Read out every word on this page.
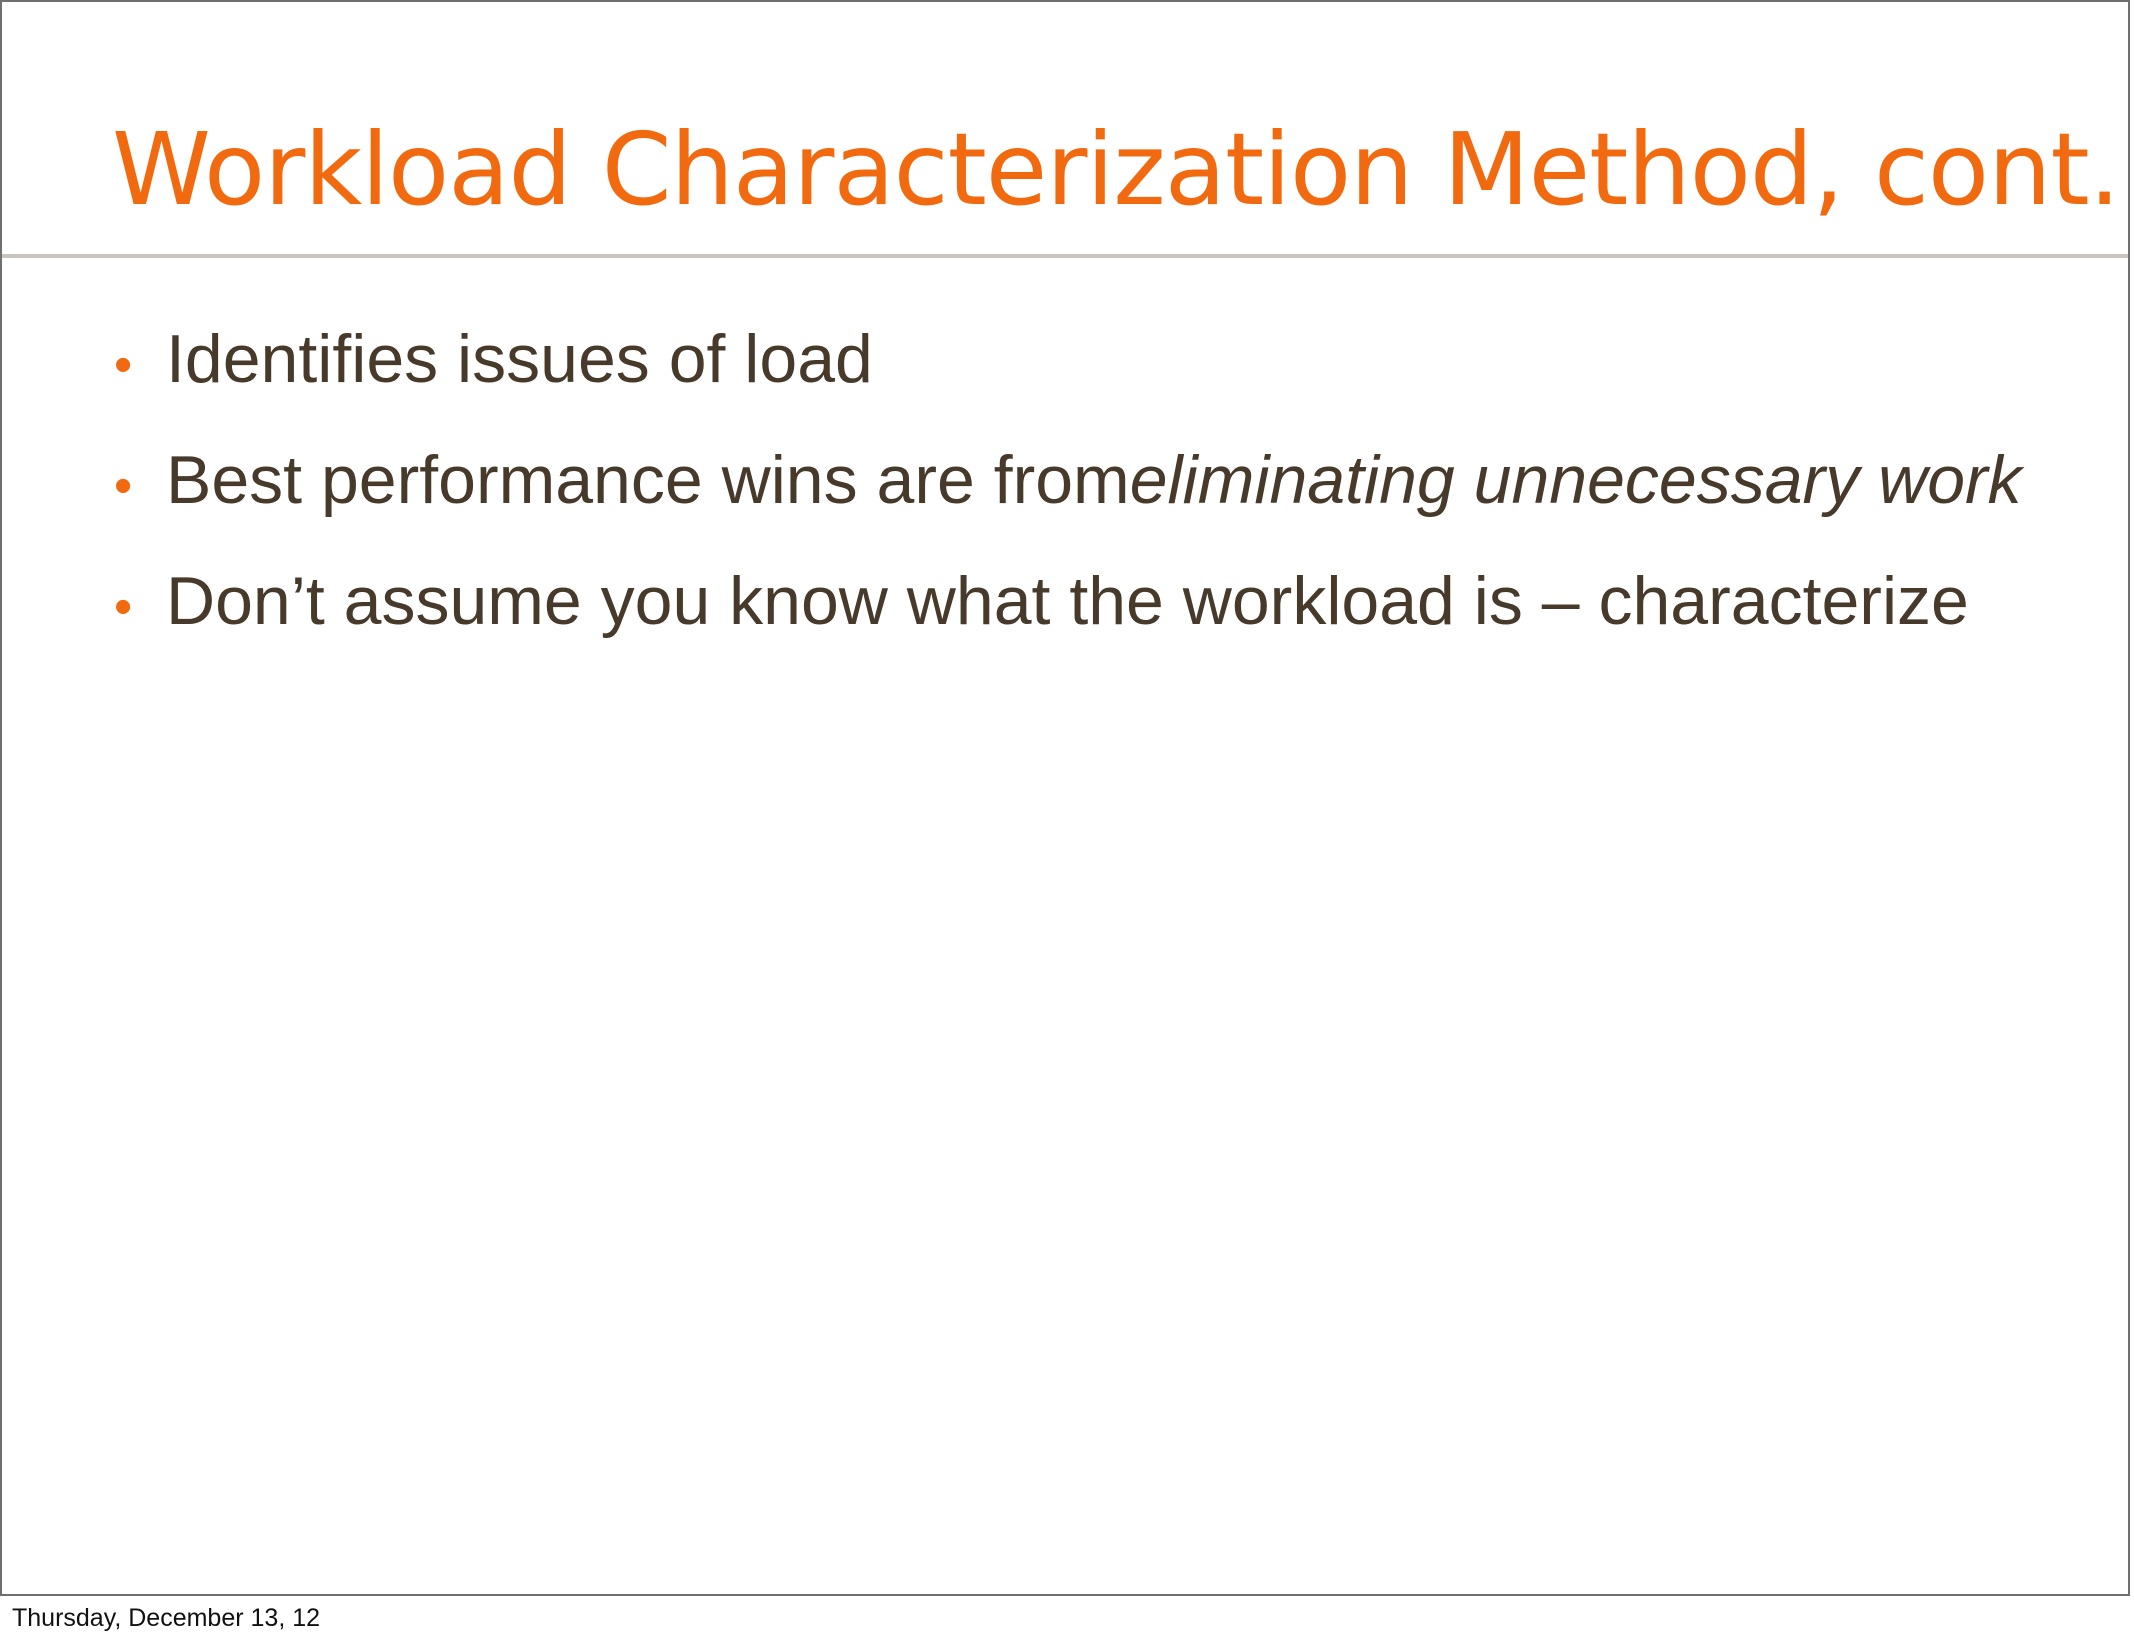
Workload Characterization Method, cont.
• Identifies issues of load
• Best performance wins are from eliminating unnecessary work
• Don’t assume you know what the workload is – characterize
Thursday, December 13, 12
